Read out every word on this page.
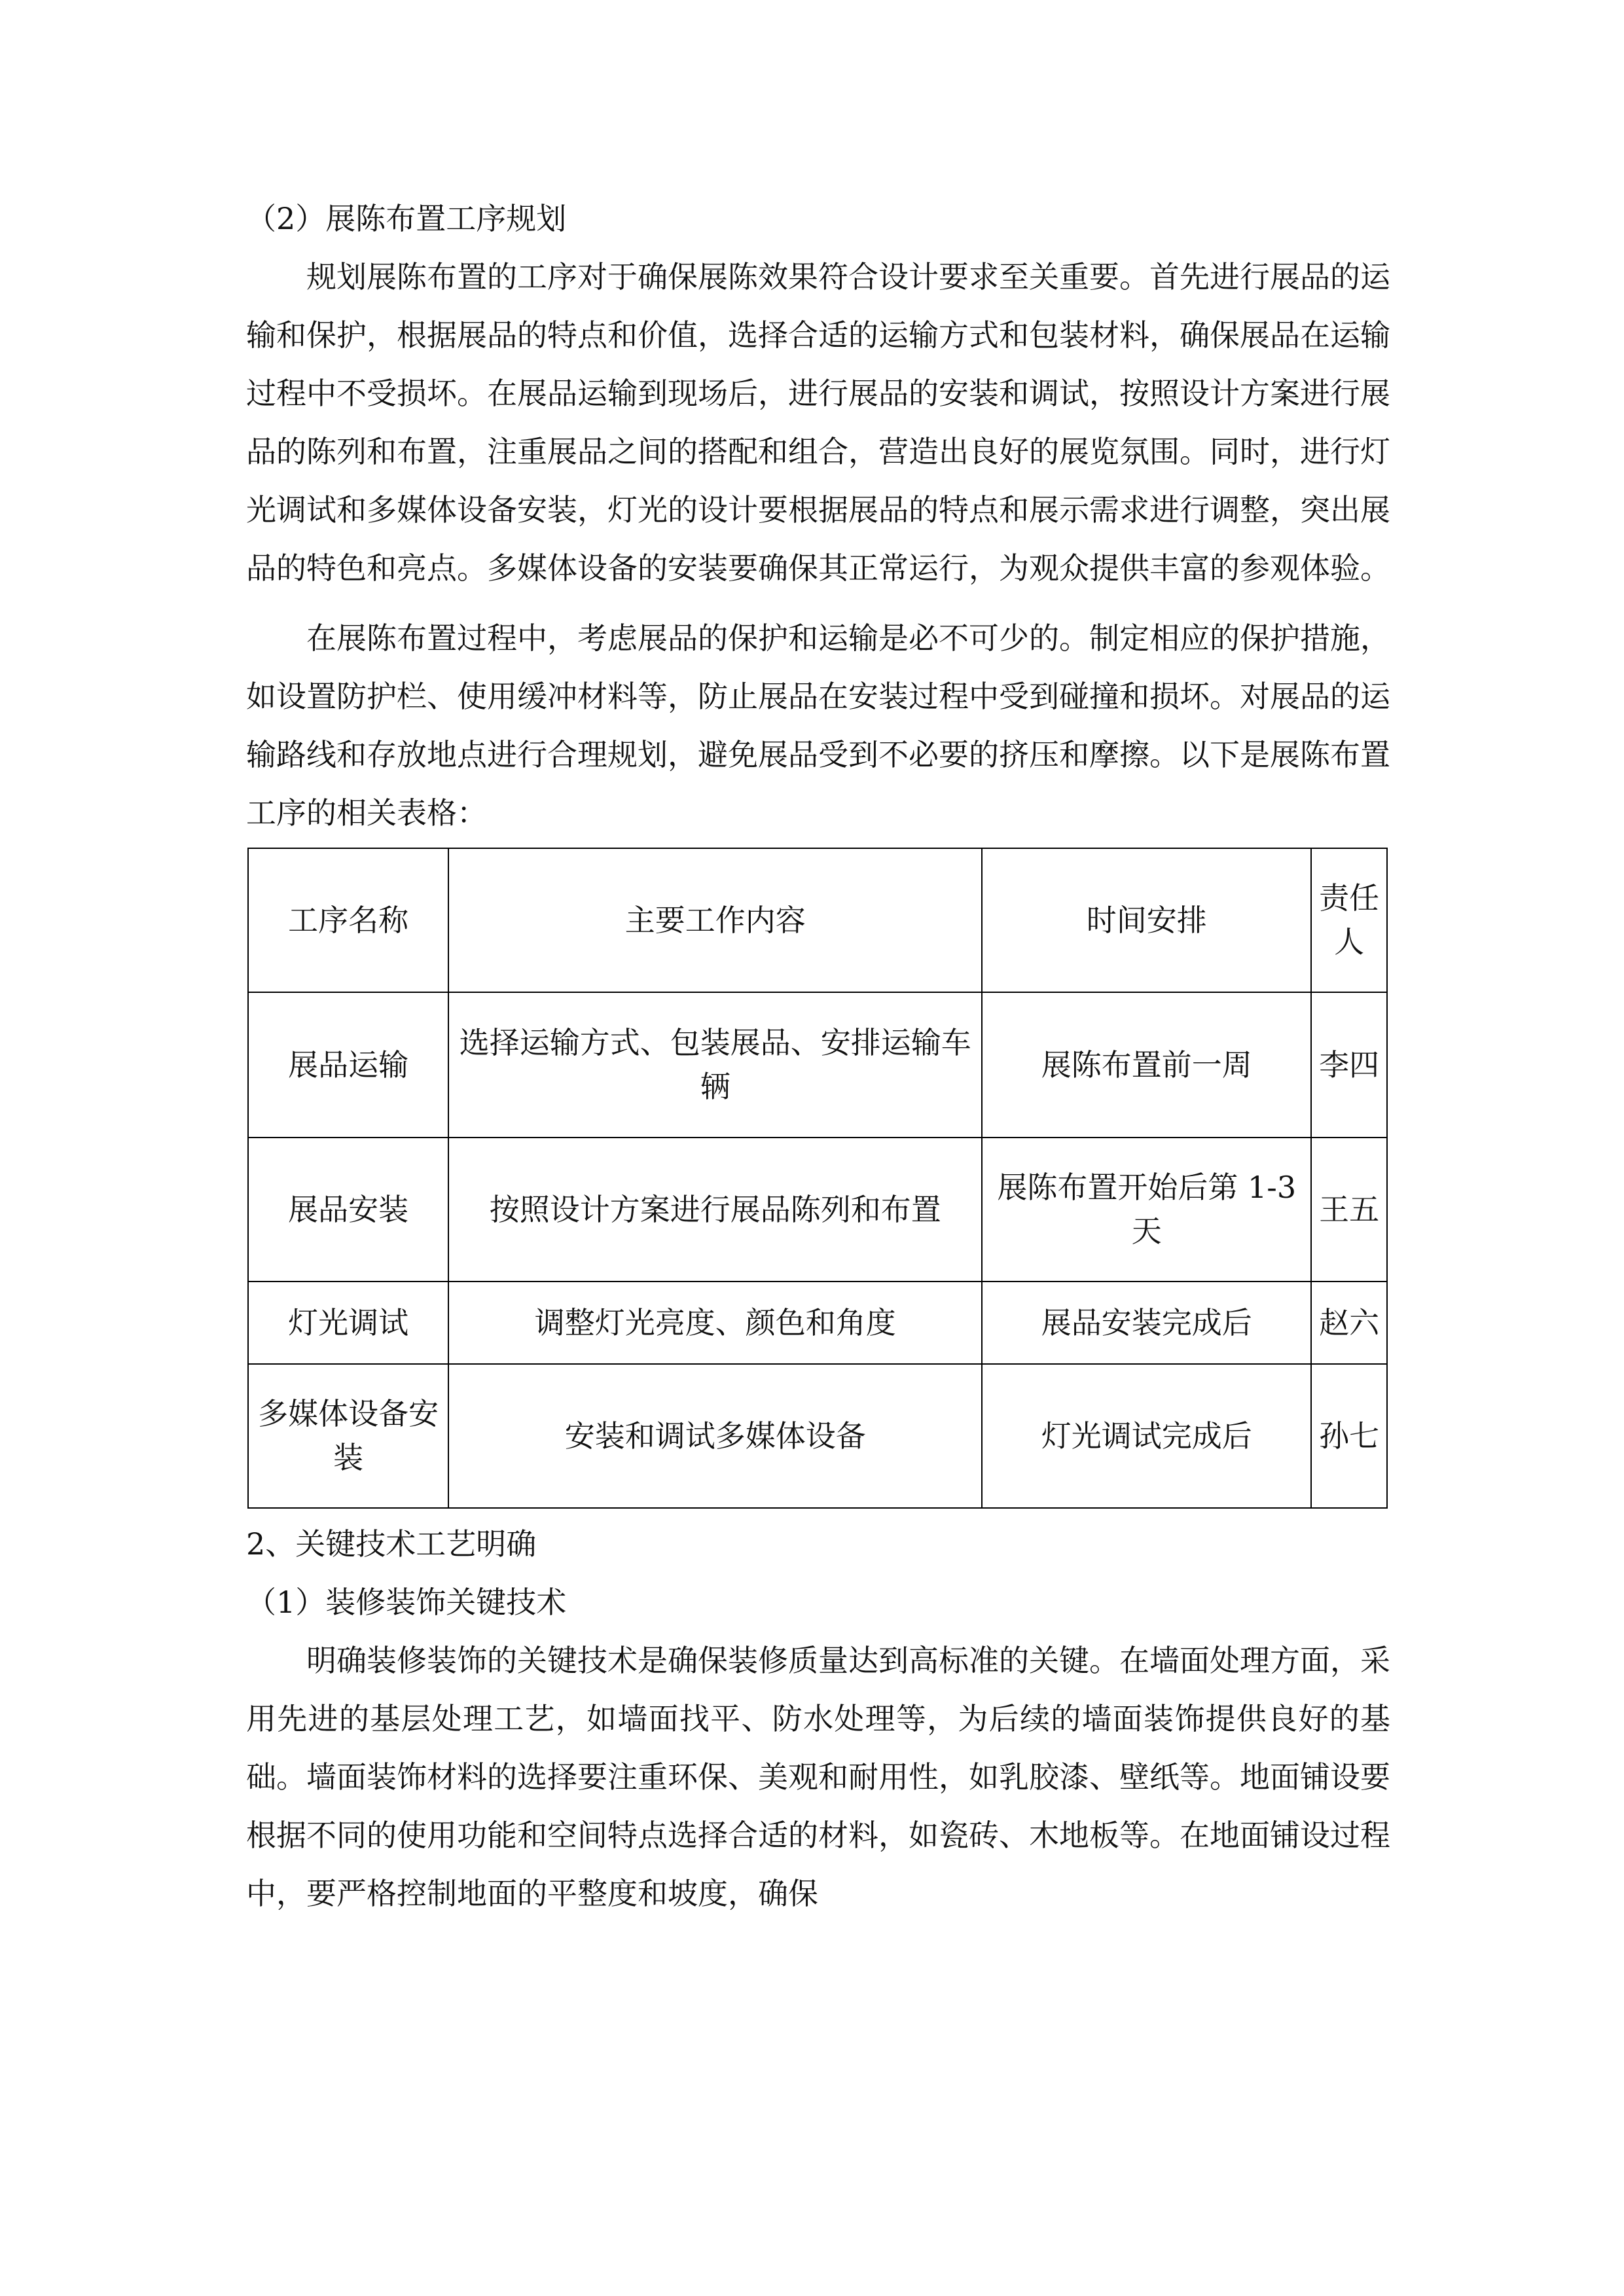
（2）展陈布置工序规划

规划展陈布置的工序对于确保展陈效果符合设计要求至关重要。首先进行展品的运输和保护，根据展品的特点和价值，选择合适的运输方式和包装材料，确保展品在运输过程中不受损坏。在展品运输到现场后，进行展品的安装和调试，按照设计方案进行展品的陈列和布置，注重展品之间的搭配和组合，营造出良好的展览氛围。同时，进行灯光调试和多媒体设备安装，灯光的设计要根据展品的特点和展示需求进行调整，突出展品的特色和亮点。多媒体设备的安装要确保其正常运行，为观众提供丰富的参观体验。

在展陈布置过程中，考虑展品的保护和运输是必不可少的。制定相应的保护措施，如设置防护栏、使用缓冲材料等，防止展品在安装过程中受到碰撞和损坏。对展品的运输路线和存放地点进行合理规划，避免展品受到不必要的挤压和摩擦。以下是展陈布置工序的相关表格：

工序名称	主要工作内容	时间安排	责任人
展品运输	选择运输方式、包装展品、安排运输车辆	展陈布置前一周	李四
展品安装	按照设计方案进行展品陈列和布置	展陈布置开始后第 1-3 天	王五
灯光调试	调整灯光亮度、颜色和角度	展品安装完成后	赵六
多媒体设备安装	安装和调试多媒体设备	灯光调试完成后	孙七

2、关键技术工艺明确

（1）装修装饰关键技术

明确装修装饰的关键技术是确保装修质量达到高标准的关键。在墙面处理方面，采用先进的基层处理工艺，如墙面找平、防水处理等，为后续的墙面装饰提供良好的基础。墙面装饰材料的选择要注重环保、美观和耐用性，如乳胶漆、壁纸等。地面铺设要根据不同的使用功能和空间特点选择合适的材料，如瓷砖、木地板等。在地面铺设过程中，要严格控制地面的平整度和坡度，确保
